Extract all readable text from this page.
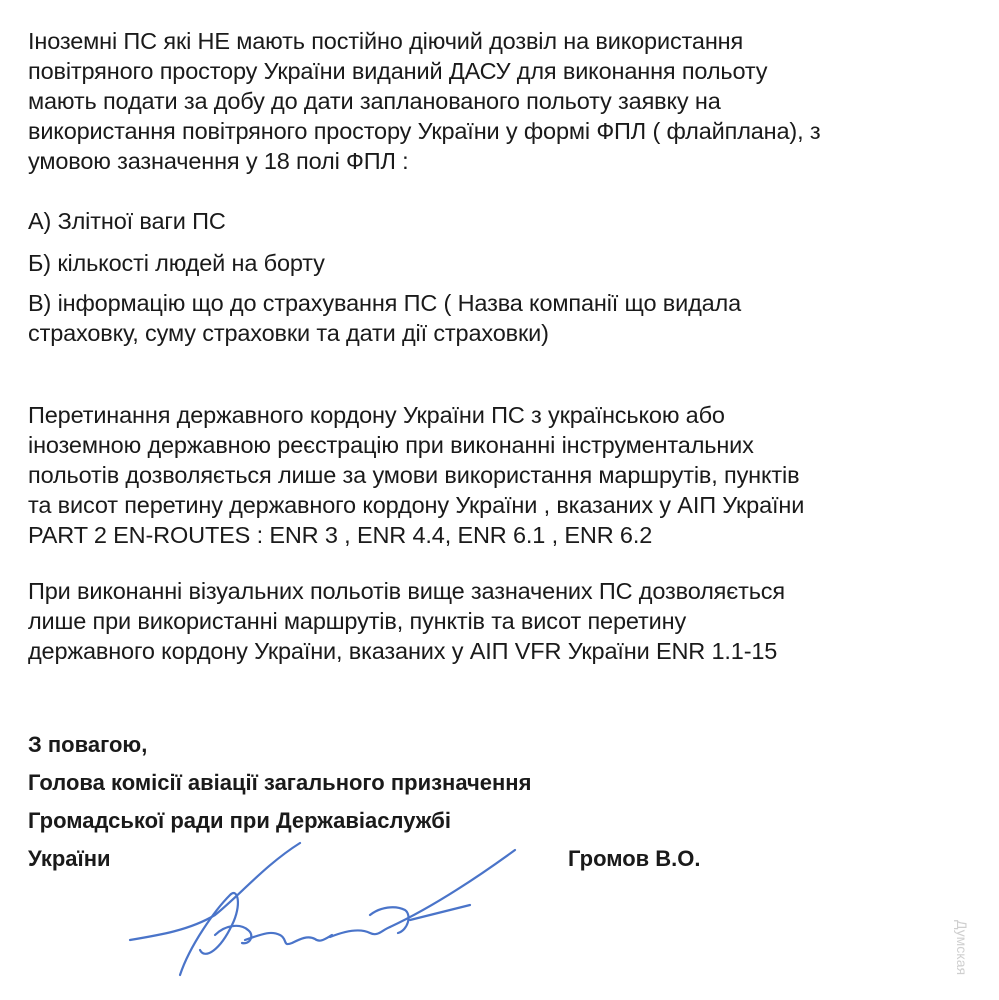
Іноземні ПС які НЕ мають постійно діючий дозвіл на використання
повітряного простору України виданий ДАСУ для виконання польоту
мають подати за добу до дати запланованого польоту заявку на
використання повітряного простору України у формі ФПЛ ( флайплана), з
умовою зазначення у 18 полі ФПЛ :
А) Злітної ваги ПС
Б) кількості людей на борту
В) інформацію що до страхування ПС ( Назва компанії що видала
страховку, суму страховки та дати дії страховки)
Перетинання державного кордону України ПС з українською або
іноземною державною реєстрацію при виконанні інструментальних
польотів дозволяється лише за умови використання маршрутів, пунктів
та висот перетину державного кордону України , вказаних у АІП України
PART 2 EN-ROUTES : ENR 3 , ENR 4.4, ENR 6.1 , ENR 6.2
При виконанні візуальних польотів вище зазначених ПС дозволяється
лише при використанні маршрутів, пунктів та висот перетину
державного кордону України, вказаних у АІП VFR України ENR 1.1-15
З повагою,
Голова комісії авіації загального призначення
Громадської ради при Державіаслужбі
України	Громов В.О.
Думская
